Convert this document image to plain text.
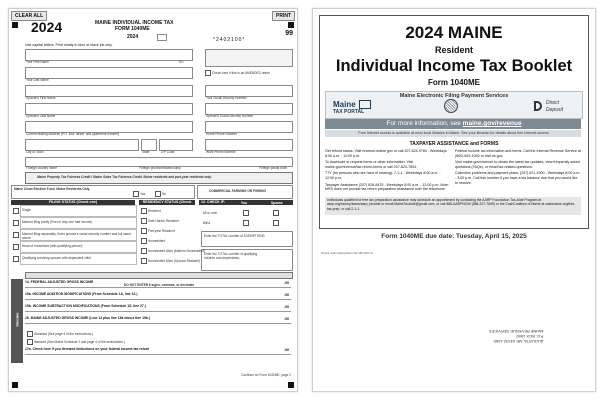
CLEAR ALL	PRINT
2024	MAINE INDIVIDUAL INCOME TAX
FORM 1040ME
2024	99
*2402100*
Use capital letters. Print neatly in blue or black ink only.
Your First Name	M.I.
Your Last Name
Check here if this is an AMENDED return
Spouse's First Name	Your Social Security Number
Spouse's Last Name	Spouse's Social Security Number
Current Mailing Address (P.O. Box, street, and apartment number)	Home Phone Number
City or Town	State	ZIP Code	Work Phone Number
Foreign country name	Foreign province/state/county	Foreign postal code
Maine Property Tax Fairness Credit / Maine Sales Tax Fairness Credit. Maine residents and part-year residents only.
Maine Clean Election Fund. Maine Residents Only.
Yes	No
COMMERCIAL FARMING OR FISHING
FILING STATUS (Check one)	RESIDENCY STATUS (Check one)
12. CHECK IF:	You	Spouse
65 or over
Blind
Enter the TOTAL number of EXEMPTIONS
Enter the TOTAL number of qualifying children and dependents.
DO NOT ENTER $ signs, commas, or decimals
Income
14. FEDERAL ADJUSTED GROSS INCOME	.00
15a. INCOME ADDITION MODIFICATIONS (From Schedule 1A, line 12.)	.00
15b. INCOME SUBTRACTION MODIFICATIONS (From Schedule 1S, line 27.)	.00
16. MAINE ADJUSTED GROSS INCOME (Line 14 plus line 15a minus line 15b.)	.00
Standard (See page 4 of the instructions.)
Itemized (See Maine Schedule 2 and page 4 of the instructions.)
17a. Check here if you itemized deductions on your federal income tax return	.00
Continue on Form 1040ME, page 2
Single
Married filing jointly (Even if only one had income)
Married filing separately. Enter spouse's social security number and full name above.
Head of household (with qualifying person)
Qualifying surviving spouse with dependent child
Resident
Safe Harbor Resident
Part-year Resident
Nonresident
Nonresident Alien (Married Nonresident)
Nonresident Alien (Spouse Resident)
2024 MAINE
Resident
Individual Income Tax Booklet
Form 1040ME
Maine Electronic Filing Payment Services
Maine
TAX PORTAL
Direct
Deposit
For more information, see maine.gov/revenue
Free Internet access is available at most local libraries in Maine. See your librarian for details about free Internet access.
TAXPAYER ASSISTANCE and FORMS
Get refund status: Visit revenue.maine.gov or call 207-624-9784 - Weekdays 8:00 a.m. - 12:00 p.m.
To download or request forms or other information: Visit maine.gov/revenue/tax-return-forms or call 207-624-7894.
TTY (for persons who are hard of hearing): 7-1-1 - Weekdays 8:00 a.m. - 12:00 p.m.
Taxpayer Assistance (207) 626-8475 - Weekdays 8:00 a.m. - 12:00 p.m. Note: MRS does not provide tax return preparation assistance over the telephone.
Federal income tax information and forms: Call the Internal Revenue Service at (800) 829-1040 or visit irs.gov.
Visit maine.gov/revenue to obtain the latest tax updates, view frequently asked questions (FAQs), or email tax-related questions.
Collection problems and payment plans: (207) 621-4300 - Weekdays 8:00 a.m. - 3:00 p.m. Call this number if you have a tax balance due that you would like to resolve.
Individuals qualified for free tax preparation assistance may schedule an appointment by contacting the AARP Foundation Tax-Aide Program at aarp.org/money/taxes/aarp_taxaide or email MaineTaxAide@gmail.com, or call 888-AARPNOW (888-227-7669) or the CashCoalition of Maine at cashmaine.org/free-tax-prep, or call 2-1-1.
Form 1040ME due date: Tuesday, April 15, 2025
Printed under Appropriation 010 18F 0002.07
AUGUSTA, ME 04332-1060
P.O. BOX 1060
MAINE REVENUE SERVICES
